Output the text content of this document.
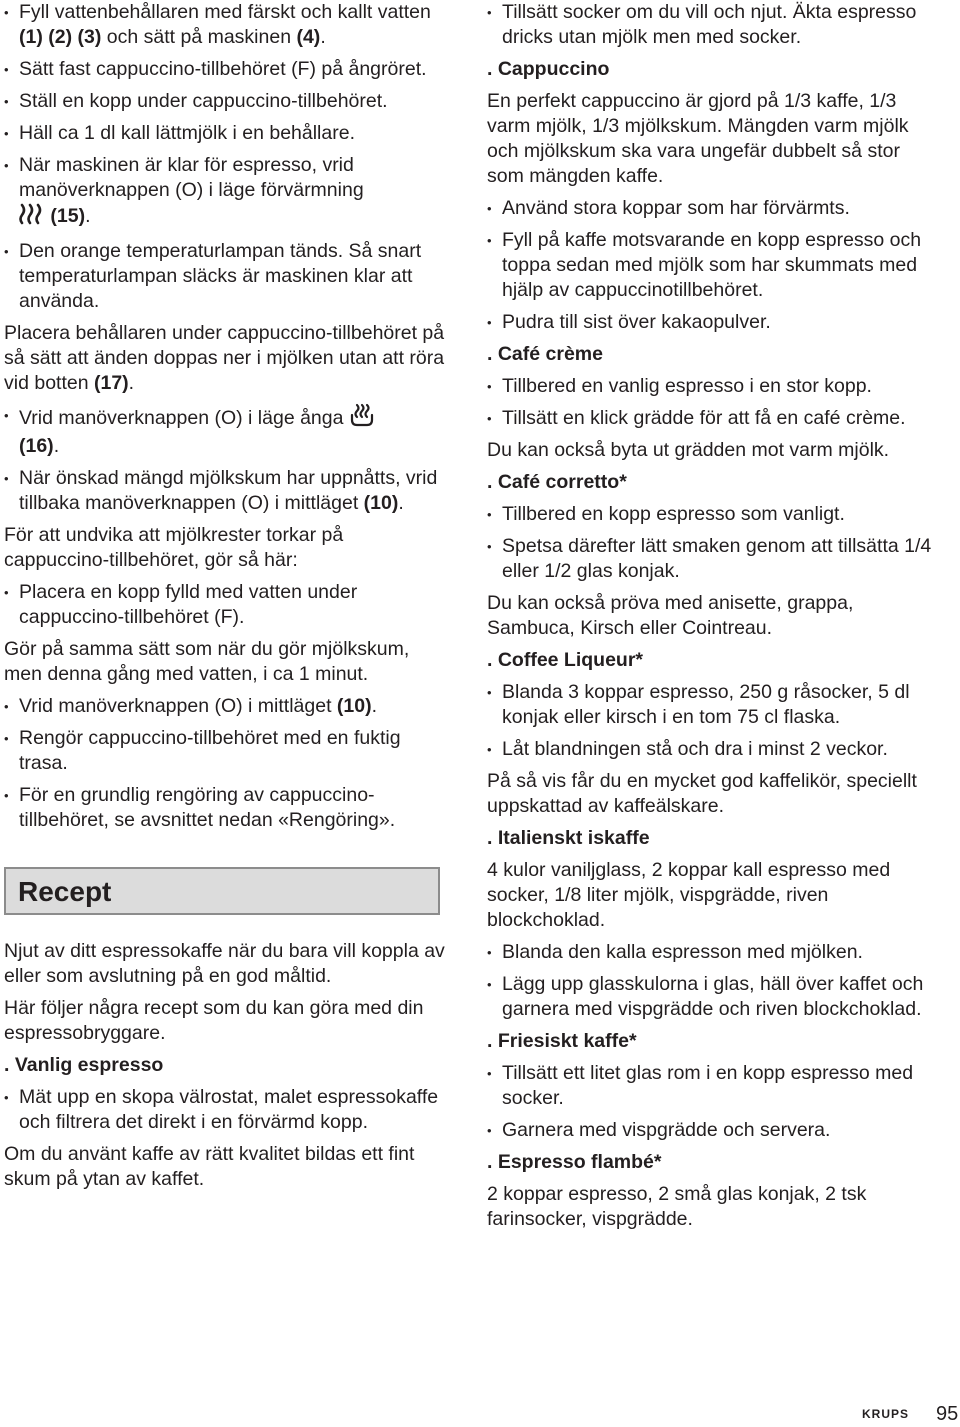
• Fyll vattenbehållaren med färskt och kallt vatten (1) (2) (3) och sätt på maskinen (4).

• Sätt fast cappuccino-tillbehöret (F) på ångröret.

• Ställ en kopp under cappuccino-tillbehöret.

• Häll ca 1 dl kall lättmjölk i en behållare.

• När maskinen är klar för espresso, vrid manöverknappen (O) i läge förvärmning
(15).

• Den orange temperaturlampan tänds. Så snart temperaturlampan släcks är maskinen klar att använda.

Placera behållaren under cappuccino-tillbehöret på så sätt att änden doppas ner i mjölken utan att röra vid botten (17).

• Vrid manöverknappen (O) i läge ånga
(16).

• När önskad mängd mjölkskum har uppnåtts, vrid tillbaka manöverknappen (O) i mittläget (10).

För att undvika att mjölkrester torkar på cappuccino-tillbehöret, gör så här:

• Placera en kopp fylld med vatten under cappuccino-tillbehöret (F).

Gör på samma sätt som när du gör mjölkskum, men denna gång med vatten, i ca 1 minut.

• Vrid manöverknappen (O) i mittläget (10).

• Rengör cappuccino-tillbehöret med en fuktig trasa.

• För en grundlig rengöring av cappuccino-tillbehöret, se avsnittet nedan «Rengöring».

Recept

Njut av ditt espressokaffe när du bara vill koppla av eller som avslutning på en god måltid.

Här följer några recept som du kan göra med din espressobryggare.

. Vanlig espresso

• Mät upp en skopa välrostat, malet espressokaffe och filtrera det direkt i en förvärmd kopp.

Om du använt kaffe av rätt kvalitet bildas ett fint skum på ytan av kaffet.

• Tillsätt socker om du vill och njut. Äkta espresso dricks utan mjölk men med socker.

. Cappuccino

En perfekt cappuccino är gjord på 1/3 kaffe, 1/3 varm mjölk, 1/3 mjölkskum. Mängden varm mjölk och mjölkskum ska vara ungefär dubbelt så stor som mängden kaffe.

• Använd stora koppar som har förvärmts.

• Fyll på kaffe motsvarande en kopp espresso och toppa sedan med mjölk som har skummats med hjälp av cappuccinotillbehöret.

• Pudra till sist över kakaopulver.

. Café crème

• Tillbered en vanlig espresso i en stor kopp.

• Tillsätt en klick grädde för att få en café crème.

Du kan också byta ut grädden mot varm mjölk.

. Café corretto*

• Tillbered en kopp espresso som vanligt.

• Spetsa därefter lätt smaken genom att tillsätta 1/4 eller 1/2 glas konjak.

Du kan också pröva med anisette, grappa, Sambuca, Kirsch eller Cointreau.

. Coffee Liqueur*

• Blanda 3 koppar espresso, 250 g råsocker, 5 dl konjak eller kirsch i en tom 75 cl flaska.

• Låt blandningen stå och dra i minst 2 veckor.

På så vis får du en mycket god kaffelikör, speciellt uppskattad av kaffeälskare.

. Italienskt iskaffe

4 kulor vaniljglass, 2 koppar kall espresso med socker, 1/8 liter mjölk, vispgrädde, riven blockchoklad.

• Blanda den kalla espresson med mjölken.

• Lägg upp glasskulorna i glas, häll över kaffet och garnera med vispgrädde och riven blockchoklad.

. Friesiskt kaffe*

• Tillsätt ett litet glas rom i en kopp espresso med socker.

• Garnera med vispgrädde och servera.

. Espresso flambé*

2 koppar espresso, 2 små glas konjak, 2 tsk farinsocker, vispgrädde.

KRUPS 95
